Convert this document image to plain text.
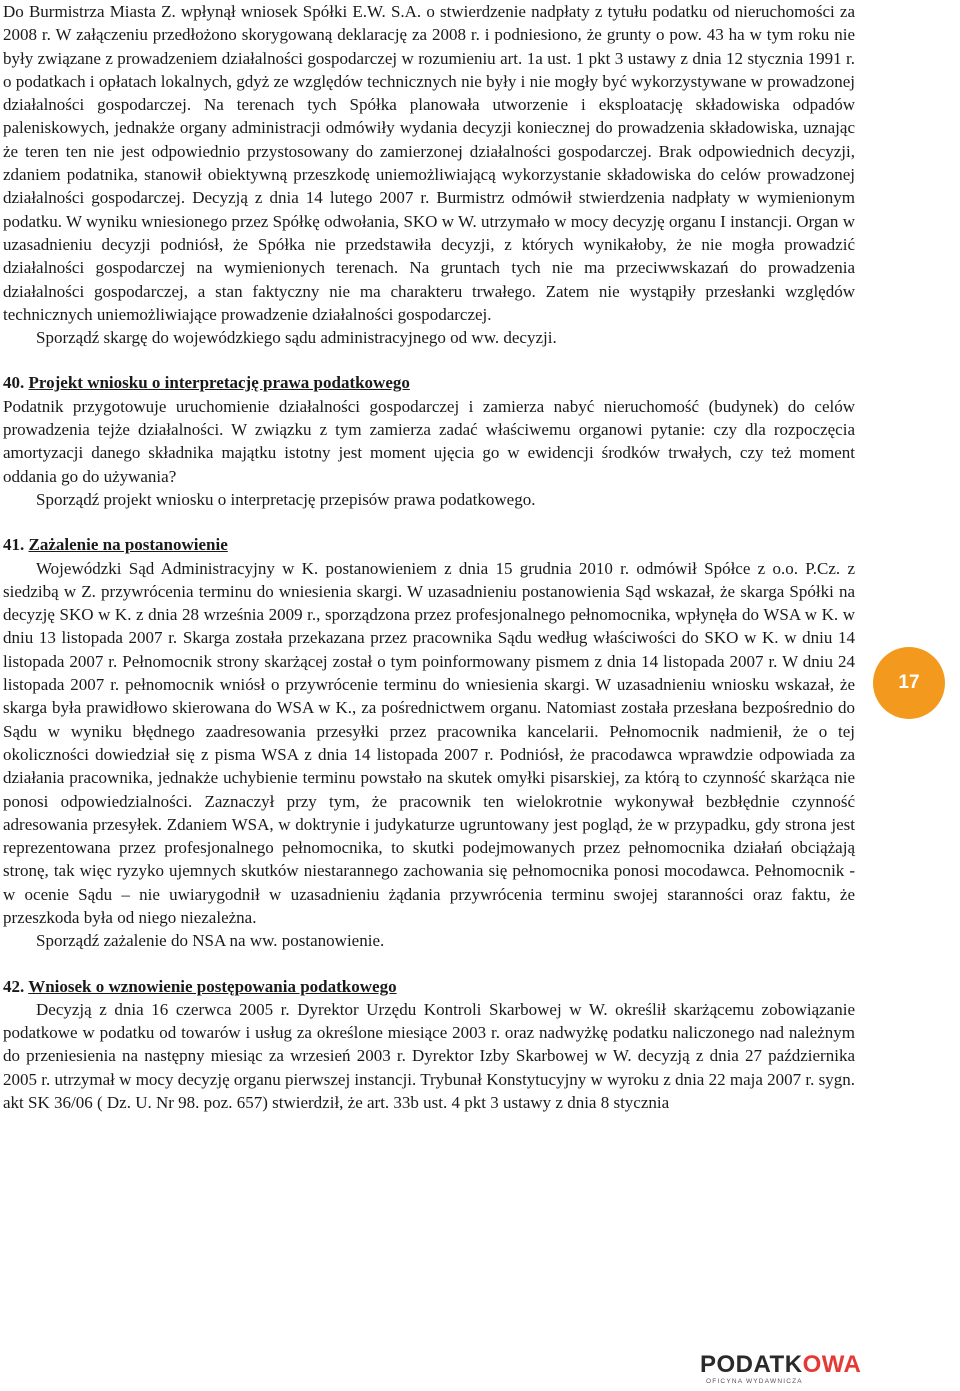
Do Burmistrza Miasta Z. wpłynął wniosek Spółki E.W. S.A. o stwierdzenie nadpłaty z tytułu podatku od nieruchomości za 2008 r. W załączeniu przedłożono skorygowaną deklarację za 2008 r. i podniesiono, że grunty o pow. 43 ha w tym roku nie były związane z prowadzeniem działalności gospodarczej w rozumieniu art. 1a ust. 1 pkt 3 ustawy z dnia 12 stycznia 1991 r. o podatkach i opłatach lokalnych, gdyż ze względów technicznych nie były i nie mogły być wykorzystywane w prowadzonej działalności gospodarczej. Na terenach tych Spółka planowała utworzenie i eksploatację składowiska odpadów paleniskowych, jednakże organy administracji odmówiły wydania decyzji koniecznej do prowadzenia składowiska, uznając że teren ten nie jest odpowiednio przystosowany do zamierzonej działalności gospodarczej. Brak odpowiednich decyzji, zdaniem podatnika, stanowił obiektywną przeszkodę uniemożliwiającą wykorzystanie składowiska do celów prowadzonej działalności gospodarczej. Decyzją z dnia 14 lutego 2007 r. Burmistrz odmówił stwierdzenia nadpłaty w wymienionym podatku. W wyniku wniesionego przez Spółkę odwołania, SKO w W. utrzymało w mocy decyzję organu I instancji. Organ w uzasadnieniu decyzji podniósł, że Spółka nie przedstawiła decyzji, z których wynikałoby, że nie mogła prowadzić działalności gospodarczej na wymienionych terenach. Na gruntach tych nie ma przeciwwskazań do prowadzenia działalności gospodarczej, a stan faktyczny nie ma charakteru trwałego. Zatem nie wystąpiły przesłanki względów technicznych uniemożliwiające prowadzenie działalności gospodarczej.

Sporządź skargę do wojewódzkiego sądu administracyjnego od ww. decyzji.

40. Projekt wniosku o interpretację prawa podatkowego

Podatnik przygotowuje uruchomienie działalności gospodarczej i zamierza nabyć nieruchomość (budynek) do celów prowadzenia tejże działalności. W związku z tym zamierza zadać właściwemu organowi pytanie: czy dla rozpoczęcia amortyzacji danego składnika majątku istotny jest moment ujęcia go w ewidencji środków trwałych, czy też moment oddania go do używania?

Sporządź projekt wniosku o interpretację przepisów prawa podatkowego.

41. Zażalenie na postanowienie

Wojewódzki Sąd Administracyjny w K. postanowieniem z dnia 15 grudnia 2010 r. odmówił Spółce z o.o. P.Cz. z siedzibą w Z. przywrócenia terminu do wniesienia skargi. W uzasadnieniu postanowienia Sąd wskazał, że skarga Spółki na decyzję SKO w K. z dnia 28 września 2009 r., sporządzona przez profesjonalnego pełnomocnika, wpłynęła do WSA w K. w dniu 13 listopada 2007 r. Skarga została przekazana przez pracownika Sądu według właściwości do SKO w K. w dniu 14 listopada 2007 r. Pełnomocnik strony skarżącej został o tym poinformowany pismem z dnia 14 listopada 2007 r. W dniu 24 listopada 2007 r. pełnomocnik wniósł o przywrócenie terminu do wniesienia skargi. W uzasadnieniu wniosku wskazał, że skarga była prawidłowo skierowana do WSA w K., za pośrednictwem organu. Natomiast została przesłana bezpośrednio do Sądu w wyniku błędnego zaadresowania przesyłki przez pracownika kancelarii. Pełnomocnik nadmienił, że o tej okoliczności dowiedział się z pisma WSA z dnia 14 listopada 2007 r. Podniósł, że pracodawca wprawdzie odpowiada za działania pracownika, jednakże uchybienie terminu powstało na skutek omyłki pisarskiej, za którą to czynność skarżąca nie ponosi odpowiedzialności. Zaznaczył przy tym, że pracownik ten wielokrotnie wykonywał bezbłędnie czynność adresowania przesyłek. Zdaniem WSA, w doktrynie i judykaturze ugruntowany jest pogląd, że w przypadku, gdy strona jest reprezentowana przez profesjonalnego pełnomocnika, to skutki podejmowanych przez pełnomocnika działań obciążają stronę, tak więc ryzyko ujemnych skutków niestarannego zachowania się pełnomocnika ponosi mocodawca. Pełnomocnik - w ocenie Sądu – nie uwiarygodnił w uzasadnieniu żądania przywrócenia terminu swojej staranności oraz faktu, że przeszkoda była od niego niezależna.

Sporządź zażalenie do NSA na ww. postanowienie.

42. Wniosek o wznowienie postępowania podatkowego

Decyzją z dnia 16 czerwca 2005 r. Dyrektor Urzędu Kontroli Skarbowej w W. określił skarżącemu zobowiązanie podatkowe w podatku od towarów i usług za określone miesiące 2003 r. oraz nadwyżkę podatku naliczonego nad należnym do przeniesienia na następny miesiąc za wrzesień 2003 r. Dyrektor Izby Skarbowej w W. decyzją z dnia 27 października 2005 r. utrzymał w mocy decyzję organu pierwszej instancji. Trybunał Konstytucyjny w wyroku z dnia 22 maja 2007 r. sygn. akt SK 36/06 ( Dz. U. Nr 98. poz. 657) stwierdził, że art. 33b ust. 4 pkt 3 ustawy z dnia 8 stycznia

17
PODATKOWA
OFICYNA WYDAWNICZA
